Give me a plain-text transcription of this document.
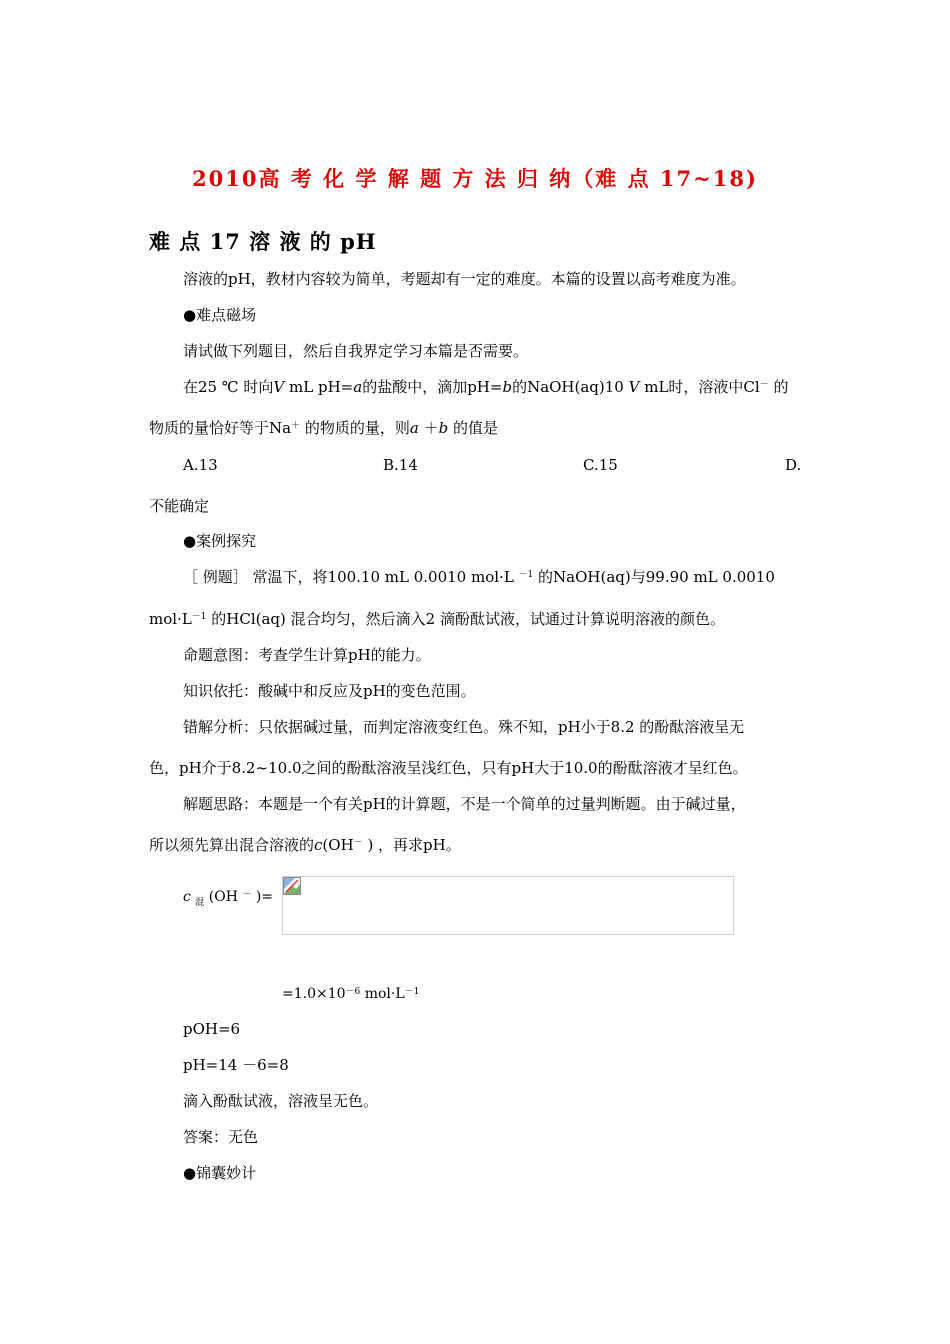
2010高 考 化 学 解 题 方 法 归 纳（难 点 17~18)
难 点 17 溶 液 的 pH
溶液的pH，教材内容较为简单，考题却有一定的难度。本篇的设置以高考难度为准。
●难点磁场
请试做下列题目，然后自我界定学习本篇是否需要。
在25 ℃ 时向V mL pH=a的盐酸中，滴加pH=b的NaOH(aq)10 V mL时，溶液中Cl－ 的
物质的量恰好等于Na＋ 的物质的量，则a ＋b 的值是
A.13	B.14	C.15	D.
不能确定
●案例探究
［ 例题］ 常温下，将100.10 mL 0.0010 mol·L $^{-1}$ 的NaOH(aq)与99.90 mL 0.0010
$mol\cdot L^{-1}$ 的HCl(aq) 混合均匀，然后滴入2 滴酚酞试液，试通过计算说明溶液的颜色。
命题意图：考查学生计算pH的能力。
知识依托：酸碱中和反应及pH的变色范围。
错解分析：只依据碱过量，而判定溶液变红色。殊不知，pH小于8.2 的酚酞溶液呈无
色，pH介于8.2~10.0之间的酚酞溶液呈浅红色，只有pH大于10.0的酚酞溶液才呈红色。
解题思路：本题是一个有关pH的计算题，不是一个简单的过量判断题。由于碱过量，
所以须先算出混合溶液的c(OH－ ) ，再求pH。
c $_混$ (OH － )=
$=1.0\times 10^{-6}$ $mol\cdot L^{-1}$
pOH=6
pH=14 －6=8
滴入酚酞试液，溶液呈无色。
答案：无色
●锦囊妙计
